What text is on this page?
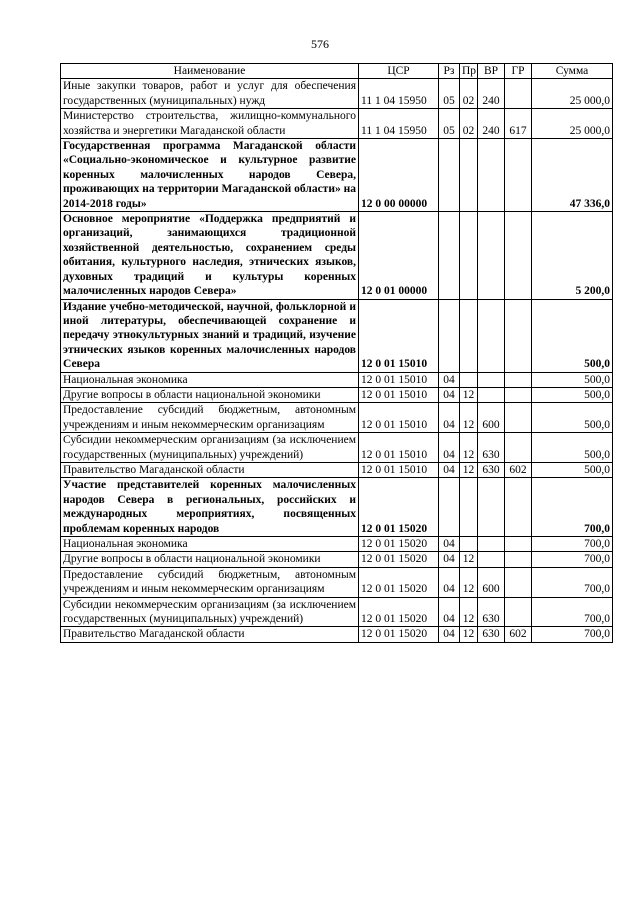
576
Наименование	ЦСР	Рз	Пр	ВР	ГР	Сумма
Иные закупки товаров, работ и услуг для обеспечения государственных (муниципальных) нужд	11 1 04 15950	05	02	240		25 000,0
Министерство строительства, жилищно-коммунального хозяйства и энергетики Магаданской области	11 1 04 15950	05	02	240	617	25 000,0
Государственная программа Магаданской области «Социально-экономическое и культурное развитие коренных малочисленных народов Севера, проживающих на территории Магаданской области» на 2014-2018 годы»	12 0 00 00000					47 336,0
Основное мероприятие «Поддержка предприятий и организаций, занимающихся традиционной хозяйственной деятельностью, сохранением среды обитания, культурного наследия, этнических языков, духовных традиций и культуры коренных малочисленных народов Севера»	12 0 01 00000					5 200,0
Издание учебно-методической, научной, фольклорной и иной литературы, обеспечивающей сохранение и передачу этнокультурных знаний и традиций, изучение этнических языков коренных малочисленных народов Севера	12 0 01 15010					500,0
Национальная экономика	12 0 01 15010	04				500,0
Другие вопросы в области национальной экономики	12 0 01 15010	04	12			500,0
Предоставление субсидий бюджетным, автономным учреждениям и иным некоммерческим организациям	12 0 01 15010	04	12	600		500,0
Субсидии некоммерческим организациям (за исключением государственных (муниципальных) учреждений)	12 0 01 15010	04	12	630		500,0
Правительство Магаданской области	12 0 01 15010	04	12	630	602	500,0
Участие представителей коренных малочисленных народов Севера в региональных, российских и международных мероприятиях, посвященных проблемам коренных народов	12 0 01 15020					700,0
Национальная экономика	12 0 01 15020	04				700,0
Другие вопросы в области национальной экономики	12 0 01 15020	04	12			700,0
Предоставление субсидий бюджетным, автономным учреждениям и иным некоммерческим организациям	12 0 01 15020	04	12	600		700,0
Субсидии некоммерческим организациям (за исключением государственных (муниципальных) учреждений)	12 0 01 15020	04	12	630		700,0
Правительство Магаданской области	12 0 01 15020	04	12	630	602	700,0
